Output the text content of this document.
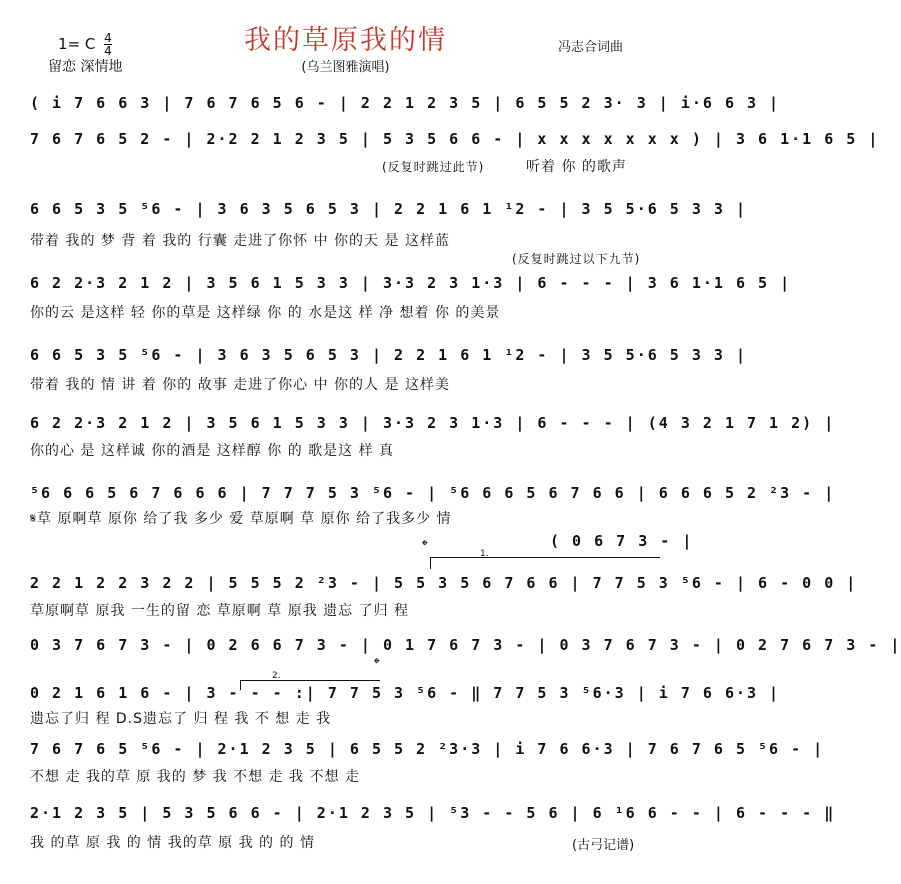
我的草原我的情
1= C $\frac{4}{4}$
留恋 深情地	(乌兰图雅演唱)
冯志合词曲
( i 7 6 6 3 | 7 6 7 6 5 6 - | 2 2 1 2 3 5 | 6 5 5 2 3· 3 | i·6 6 3 |
7 6 7 6 5 2 - | 2·2 2 1 2 3 5 | 5 3 5 6 6 - | x x x x x x x ) | 3 6 1·1 6 5 |
(反复时跳过此节)	听着 你 的歌声
6 6 5 3 5 ⁵6 - | 3 6 3 5 6 5 3 | 2 2 1 6 1 ¹2 - | 3 5 5·6 5 3 3 |
带着 我的 梦 背 着 我的 行囊 走进了你怀 中 你的天 是 这样蓝
(反复时跳过以下九节)
6 2 2·3 2 1 2 | 3 5 6 1 5 3 3 | 3·3 2 3 1·3 | 6 - - - | 3 6 1·1 6 5 |
你的云 是这样 轻 你的草是 这样绿 你 的 水是这 样 净 想着 你 的美景
6 6 5 3 5 ⁵6 - | 3 6 3 5 6 5 3 | 2 2 1 6 1 ¹2 - | 3 5 5·6 5 3 3 |
带着 我的 情 讲 着 你的 故事 走进了你心 中 你的人 是 这样美
6 2 2·3 2 1 2 | 3 5 6 1 5 3 3 | 3·3 2 3 1·3 | 6 - - - | (4 3 2 1 7 1 2) |
你的心 是 这样诚 你的酒是 这样醇 你 的 歌是这 样 真
⁵6 6 6 5 6 7 6 6 6 | 7 7 7 5 3 ⁵6 - | ⁵6 6 6 5 6 7 6 6 | 6 6 6 5 2 ²3 - |
𝄋草 原啊草 原你 给了我 多少 爱 草原啊 草 原你 给了我多少 情
𝄌	1.
( 0 6 7 3 - |
2 2 1 2 2 3 2 2 | 5 5 5 2 ²3 - | 5 5 3 5 6 7 6 6 | 7 7 5 3 ⁵6 - | 6 - 0 0 |
草原啊草 原我 一生的留 恋 草原啊 草 原我 遗忘 了归 程
0 3 7 6 7 3 - | 0 2 6 6 7 3 - | 0 1 7 6 7 3 - | 0 3 7 6 7 3 - | 0 2 7 6 7 3 - |
2.
𝄌
0 2 1 6 1 6 - | 3 - - - :| 7 7 5 3 ⁵6 - ‖ 7 7 5 3 ⁵6·3 | i 7 6 6·3 |
遗忘了归 程 D.S遗忘了 归 程 我 不 想 走 我
7 6 7 6 5 ⁵6 - | 2·1 2 3 5 | 6 5 5 2 ²3·3 | i 7 6 6·3 | 7 6 7 6 5 ⁵6 - |
不想 走 我的草 原 我的 梦 我 不想 走 我 不想 走
2·1 2 3 5 | 5 3 5 6 6 - | 2·1 2 3 5 | ⁵3 - - 5 6 | 6 ¹6 6 - - | 6 - - - ‖
我 的草 原 我 的 情 我的草 原 我 的 的 情	(古弓记谱)
